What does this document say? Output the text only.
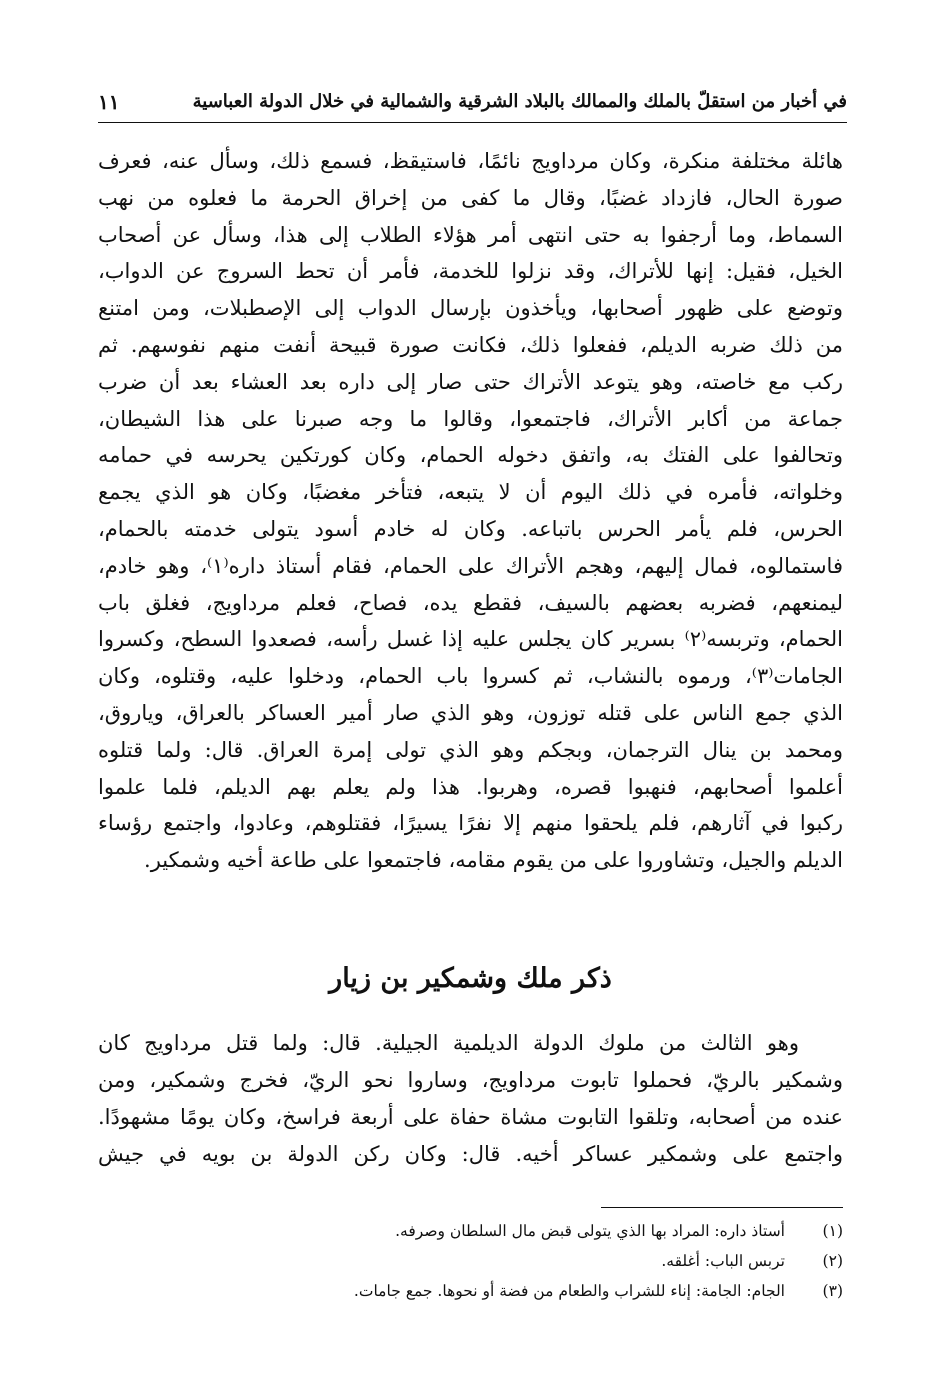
في أخبار من استقلّ بالملك والممالك بالبلاد الشرقية والشمالية في خلال الدولة العباسية
١١
هائلة مختلفة منكرة، وكان مرداويج نائمًا، فاستيقظ، فسمع ذلك، وسأل عنه، فعرف
صورة الحال، فازداد غضبًا، وقال ما كفى من إخراق الحرمة ما فعلوه من نهب
السماط، وما أرجفوا به حتى انتهى أمر هؤلاء الطلاب إلى هذا، وسأل عن أصحاب
الخيل، فقيل: إنها للأتراك، وقد نزلوا للخدمة، فأمر أن تحط السروج عن الدواب،
وتوضع على ظهور أصحابها، ويأخذون بإرسال الدواب إلى الإصطبلات، ومن امتنع
من ذلك ضربه الديلم، ففعلوا ذلك، فكانت صورة قبيحة أنفت منهم نفوسهم. ثم
ركب مع خاصته، وهو يتوعد الأتراك حتى صار إلى داره بعد العشاء بعد أن ضرب
جماعة من أكابر الأتراك، فاجتمعوا، وقالوا ما وجه صبرنا على هذا الشيطان،
وتحالفوا على الفتك به، واتفق دخوله الحمام، وكان كورتكين يحرسه في حمامه
وخلواته، فأمره في ذلك اليوم أن لا يتبعه، فتأخر مغضبًا، وكان هو الذي يجمع
الحرس، فلم يأمر الحرس باتباعه. وكان له خادم أسود يتولى خدمته بالحمام،
فاستمالوه، فمال إليهم، وهجم الأتراك على الحمام، فقام أستاذ داره⁽١⁾، وهو خادم،
ليمنعهم، فضربه بعضهم بالسيف، فقطع يده، فصاح، فعلم مرداويج، فغلق باب
الحمام، وتربسه⁽٢⁾ بسرير كان يجلس عليه إذا غسل رأسه، فصعدوا السطح، وكسروا
الجامات⁽٣⁾، ورموه بالنشاب، ثم كسروا باب الحمام، ودخلوا عليه، وقتلوه، وكان
الذي جمع الناس على قتله توزون، وهو الذي صار أمير العساكر بالعراق، وياروق،
ومحمد بن ينال الترجمان، وبجكم وهو الذي تولى إمرة العراق. قال: ولما قتلوه
أعلموا أصحابهم، فنهبوا قصره، وهربوا. هذا ولم يعلم بهم الديلم، فلما علموا
ركبوا في آثارهم، فلم يلحقوا منهم إلا نفرًا يسيرًا، فقتلوهم، وعادوا، واجتمع رؤساء
الديلم والجيل، وتشاوروا على من يقوم مقامه، فاجتمعوا على طاعة أخيه وشمكير.
ذكر ملك وشمكير بن زيار
وهو الثالث من ملوك الدولة الديلمية الجيلية. قال: ولما قتل مرداويج كان
وشمكير بالريّ، فحملوا تابوت مرداويج، وساروا نحو الريّ، فخرج وشمكير، ومن
عنده من أصحابه، وتلقوا التابوت مشاة حفاة على أربعة فراسخ، وكان يومًا مشهودًا.
واجتمع على وشمكير عساكر أخيه. قال: وكان ركن الدولة بن بويه في جيش
(١)أستاذ داره: المراد بها الذي يتولى قبض مال السلطان وصرفه.
(٢)تربس الباب: أغلقه.
(٣)الجام: الجامة: إناء للشراب والطعام من فضة أو نحوها. جمع جامات.
